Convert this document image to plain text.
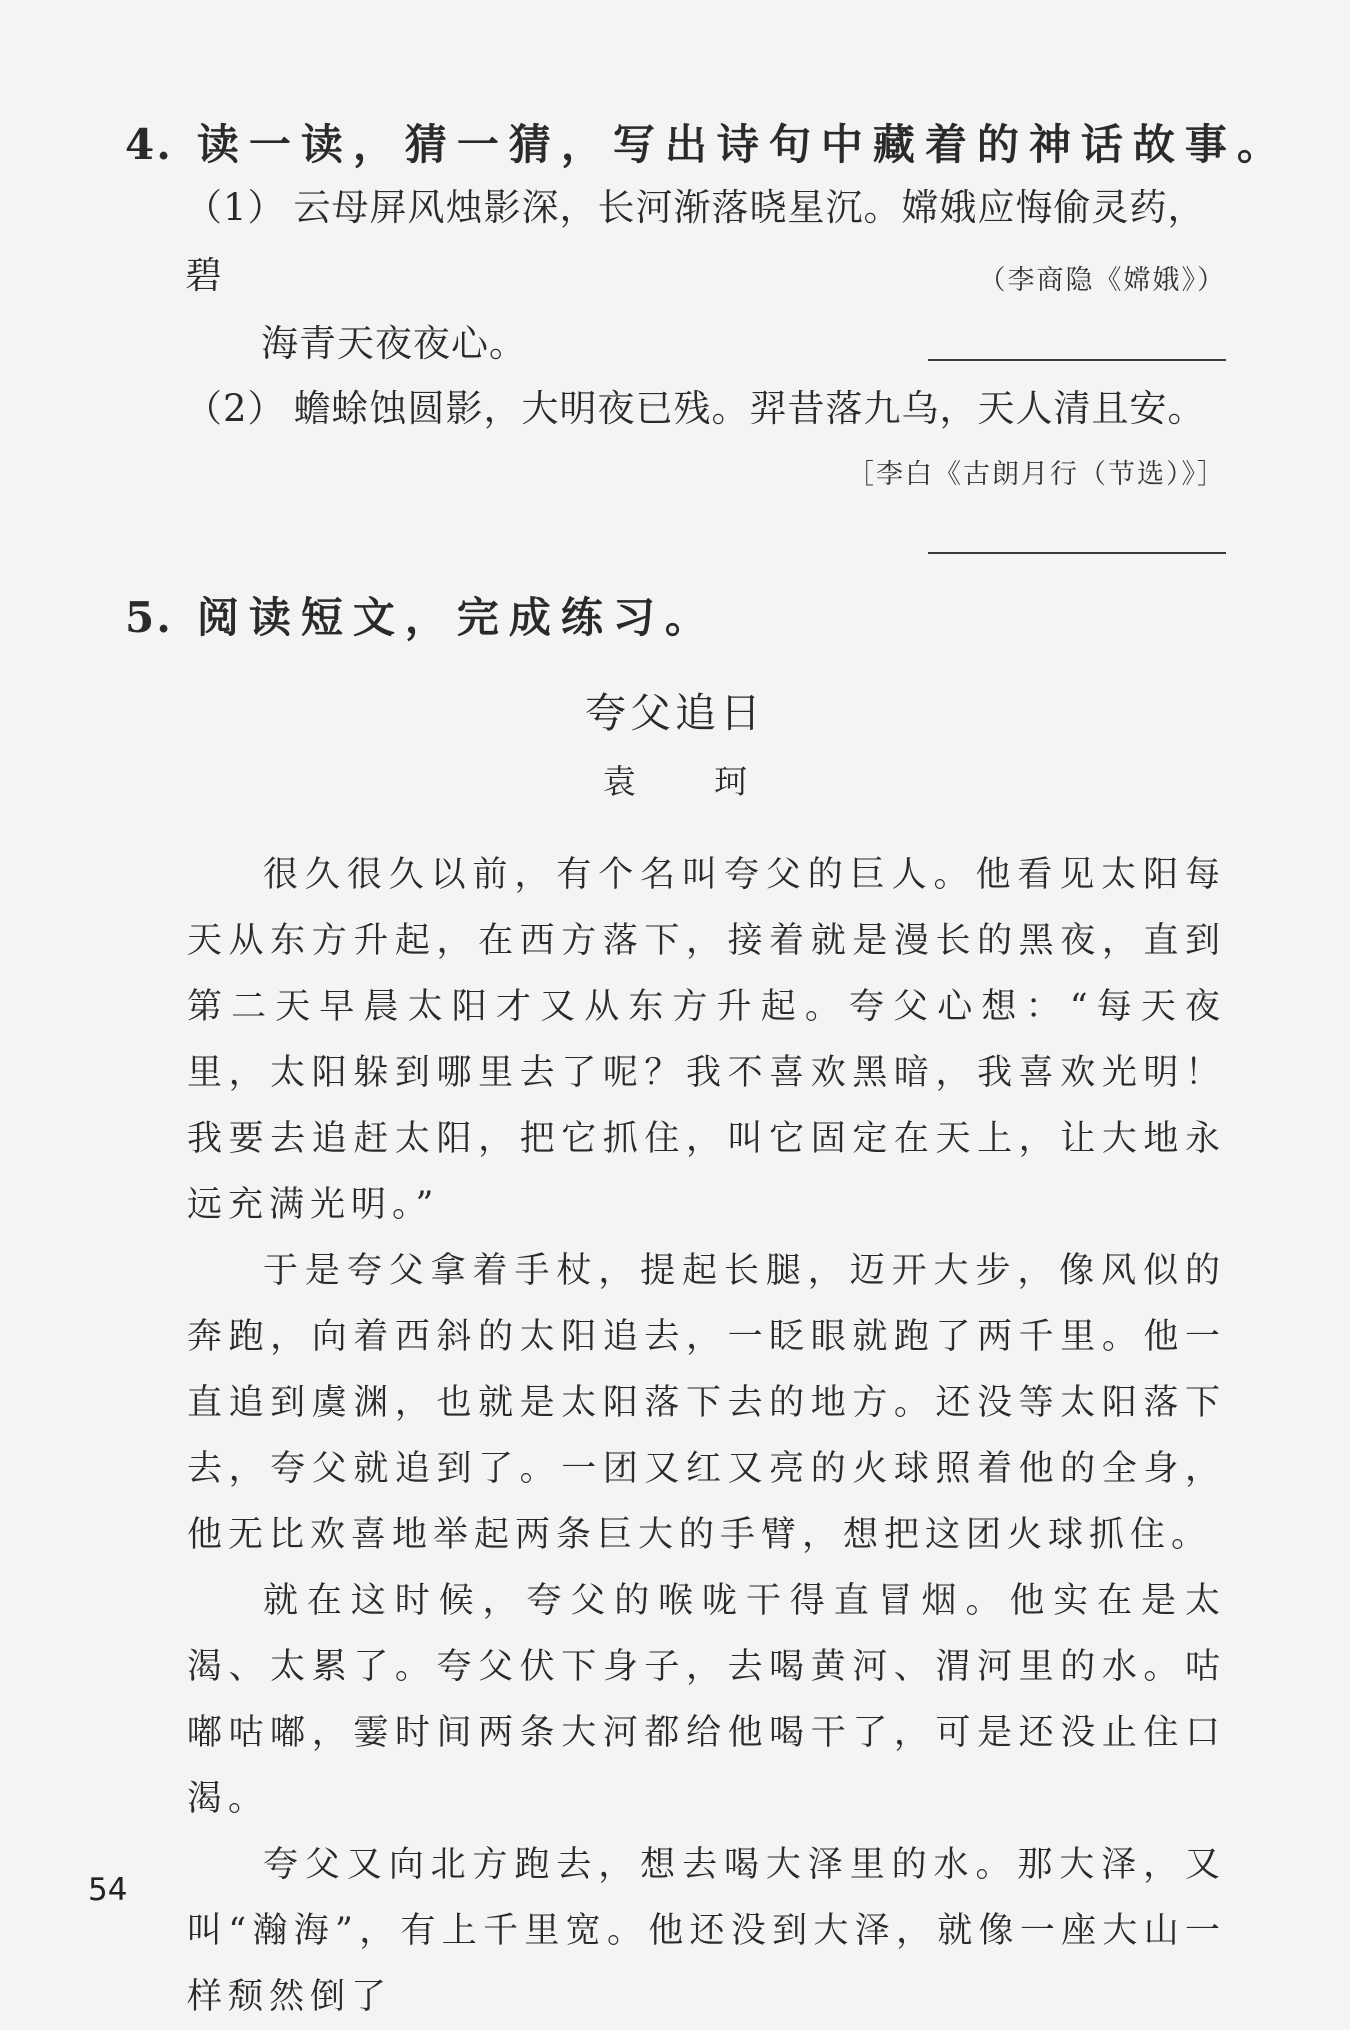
4. 读一读，猜一猜，写出诗句中藏着的神话故事。
（1） 云母屏风烛影深，长河渐落晓星沉。嫦娥应悔偷灵药，碧
海青天夜夜心。
（李商隐《嫦娥》）
（2） 蟾蜍蚀圆影，大明夜已残。羿昔落九乌，天人清且安。
［李白《古朗月行（节选）》］
5. 阅读短文，完成练习。
夸父追日
袁 珂

很久很久以前，有个名叫夸父的巨人。他看见太阳每天从东方升起，在西方落下，接着就是漫长的黑夜，直到第二天早晨太阳才又从东方升起。夸父心想：“每天夜里，太阳躲到哪里去了呢？我不喜欢黑暗，我喜欢光明！我要去追赶太阳，把它抓住，叫它固定在天上，让大地永远充满光明。”

于是夸父拿着手杖，提起长腿，迈开大步，像风似的奔跑，向着西斜的太阳追去，一眨眼就跑了两千里。他一直追到虞渊，也就是太阳落下去的地方。还没等太阳落下去，夸父就追到了。一团又红又亮的火球照着他的全身，他无比欢喜地举起两条巨大的手臂，想把这团火球抓住。

就在这时候，夸父的喉咙干得直冒烟。他实在是太渴、太累了。夸父伏下身子，去喝黄河、渭河里的水。咕嘟咕嘟，霎时间两条大河都给他喝干了，可是还没止住口渴。

夸父又向北方跑去，想去喝大泽里的水。那大泽，又叫“瀚海”，有上千里宽。他还没到大泽，就像一座大山一样颓然倒了

54
